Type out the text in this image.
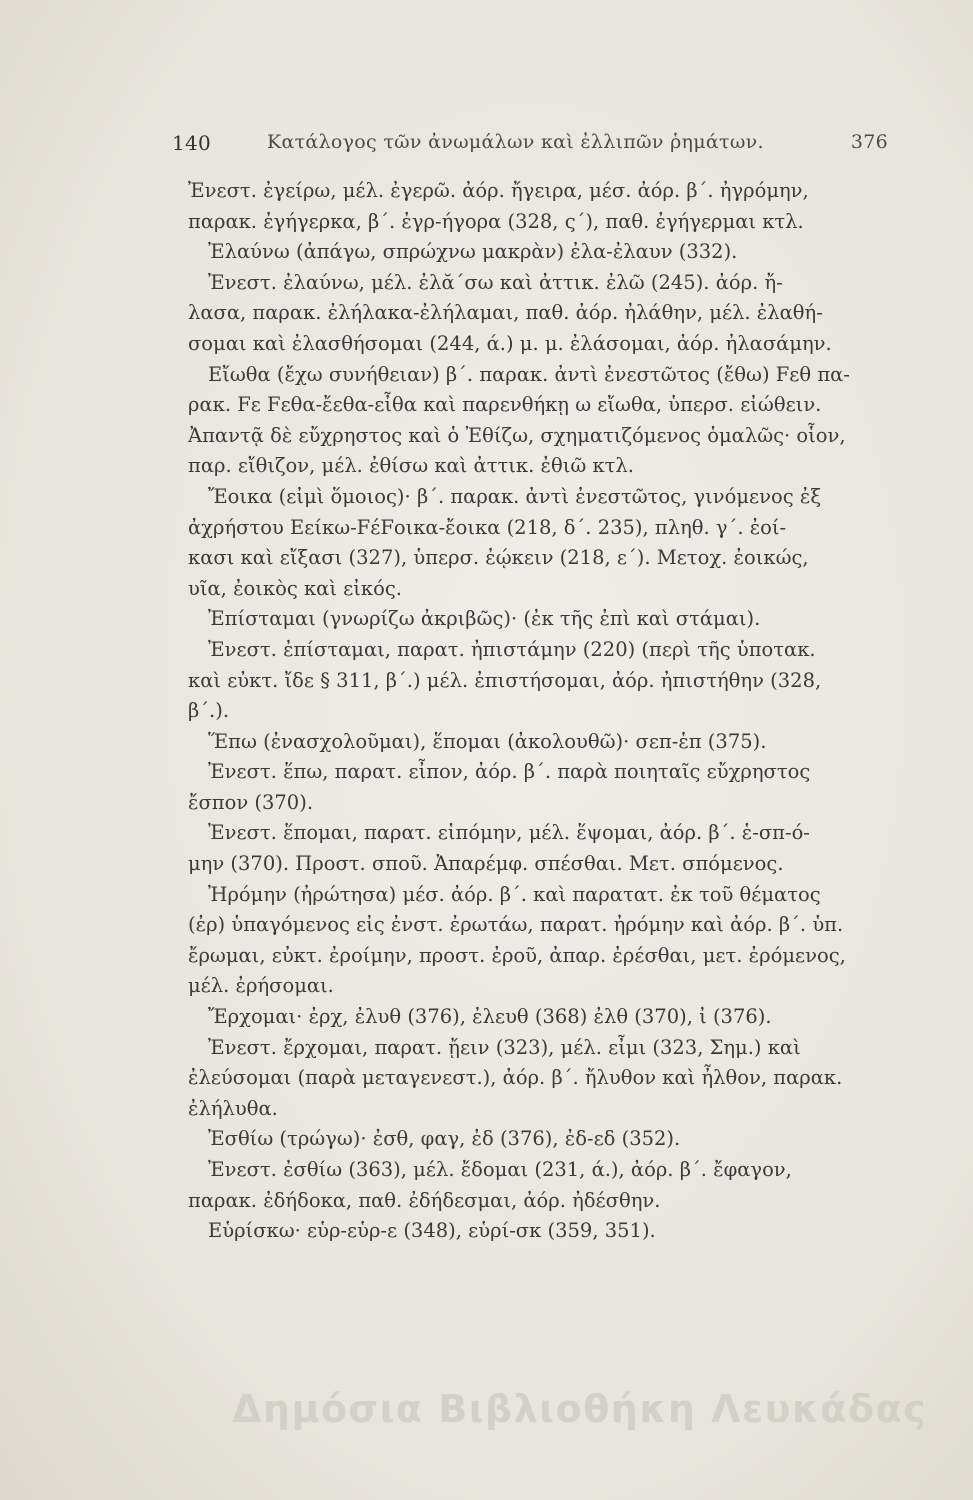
140	Κατάλογος τῶν ἀνωμάλων καὶ ἐλλιπῶν ῥημάτων.	376
Ἐνεστ. ἐγείρω, μέλ. ἐγερῶ. ἀόρ. ἤγειρα, μέσ. ἀόρ. β΄. ἠγρόμην,
παρακ. ἐγήγερκα, β΄. ἐγρ-ήγορα (328, ς΄), παθ. ἐγήγερμαι κτλ.
Ἐλαύνω (ἀπάγω, σπρώχνω μακρὰν) ἐλα-ἐλαυν (332).
Ἐνεστ. ἐλαύνω, μέλ. ἐλᾰ΄σω καὶ ἀττικ. ἐλῶ (245). ἀόρ. ἤ-
λασα, παρακ. ἐλήλακα-ἐλήλαμαι, παθ. ἀόρ. ἠλάθην, μέλ. ἐλαθή-
σομαι καὶ ἐλασθήσομαι (244, ά.) μ. μ. ἐλάσομαι, ἀόρ. ἠλασάμην.
Εἴωθα (ἔχω συνήθειαν) β΄. παρακ. ἀντὶ ἐνεστῶτος (ἔθω) Fεθ πα-
ρακ. Fε Fεθα-ἔεθα-εἶθα καὶ παρενθήκῃ ω εἴωθα, ὑπερσ. εἰώθειν.
Ἀπαντᾷ δὲ εὔχρηστος καὶ ὁ Ἐθίζω, σχηματιζόμενος ὁμαλῶς· οἷον,
παρ. εἴθιζον, μέλ. ἐθίσω καὶ ἀττικ. ἐθιῶ κτλ.
Ἔοικα (εἰμὶ ὅμοιος)· β΄. παρακ. ἀντὶ ἐνεστῶτος, γινόμενος ἐξ
ἀχρήστου Εείκω-FέFοικα-ἔοικα (218, δ΄. 235), πληθ. γ΄. ἐοί-
κασι καὶ εἴξασι (327), ὑπερσ. ἐῴκειν (218, ε΄). Μετοχ. ἐοικώς,
υῖα, ἐοικὸς καὶ εἰκός.
Ἐπίσταμαι (γνωρίζω ἀκριβῶς)· (ἐκ τῆς ἐπὶ καὶ στάμαι).
Ἐνεστ. ἐπίσταμαι, παρατ. ἠπιστάμην (220) (περὶ τῆς ὑποτακ.
καὶ εὐκτ. ἴδε § 311, β΄.) μέλ. ἐπιστήσομαι, ἀόρ. ἠπιστήθην (328,
β΄.).
Ἕπω (ἐνασχολοῦμαι), ἕπομαι (ἀκολουθῶ)· σεπ-ἑπ (375).
Ἐνεστ. ἕπω, παρατ. εἶπον, ἀόρ. β΄. παρὰ ποιηταῖς εὔχρηστος
ἔσπον (370).
Ἐνεστ. ἕπομαι, παρατ. εἱπόμην, μέλ. ἕψομαι, ἀόρ. β΄. ἑ-σπ-ό-
μην (370). Προστ. σποῦ. Ἀπαρέμφ. σπέσθαι. Μετ. σπόμενος.
Ἠρόμην (ἠρώτησα) μέσ. ἀόρ. β΄. καὶ παρατατ. ἐκ τοῦ θέματος
(ἐρ) ὑπαγόμενος εἰς ἐνστ. ἐρωτάω, παρατ. ἠρόμην καὶ ἀόρ. β΄. ὑπ.
ἔρωμαι, εὐκτ. ἐροίμην, προστ. ἐροῦ, ἀπαρ. ἐρέσθαι, μετ. ἐρόμενος,
μέλ. ἐρήσομαι.
Ἔρχομαι· ἐρχ, ἐλυθ (376), ἐλευθ (368) ἐλθ (370), ἰ (376).
Ἐνεστ. ἔρχομαι, παρατ. ᾔειν (323), μέλ. εἶμι (323, Σημ.) καὶ
ἐλεύσομαι (παρὰ μεταγενεστ.), ἀόρ. β΄. ἤλυθον καὶ ἦλθον, παρακ.
ἐλήλυθα.
Ἐσθίω (τρώγω)· ἐσθ, φαγ, ἐδ (376), ἐδ-εδ (352).
Ἐνεστ. ἐσθίω (363), μέλ. ἔδομαι (231, ά.), ἀόρ. β΄. ἔφαγον,
παρακ. ἐδήδοκα, παθ. ἐδήδεσμαι, ἀόρ. ἠδέσθην.
Εὑρίσκω· εὑρ-εὑρ-ε (348), εὑρί-σκ (359, 351).
Δημόσια Βιβλιοθήκη Λευκάδας
